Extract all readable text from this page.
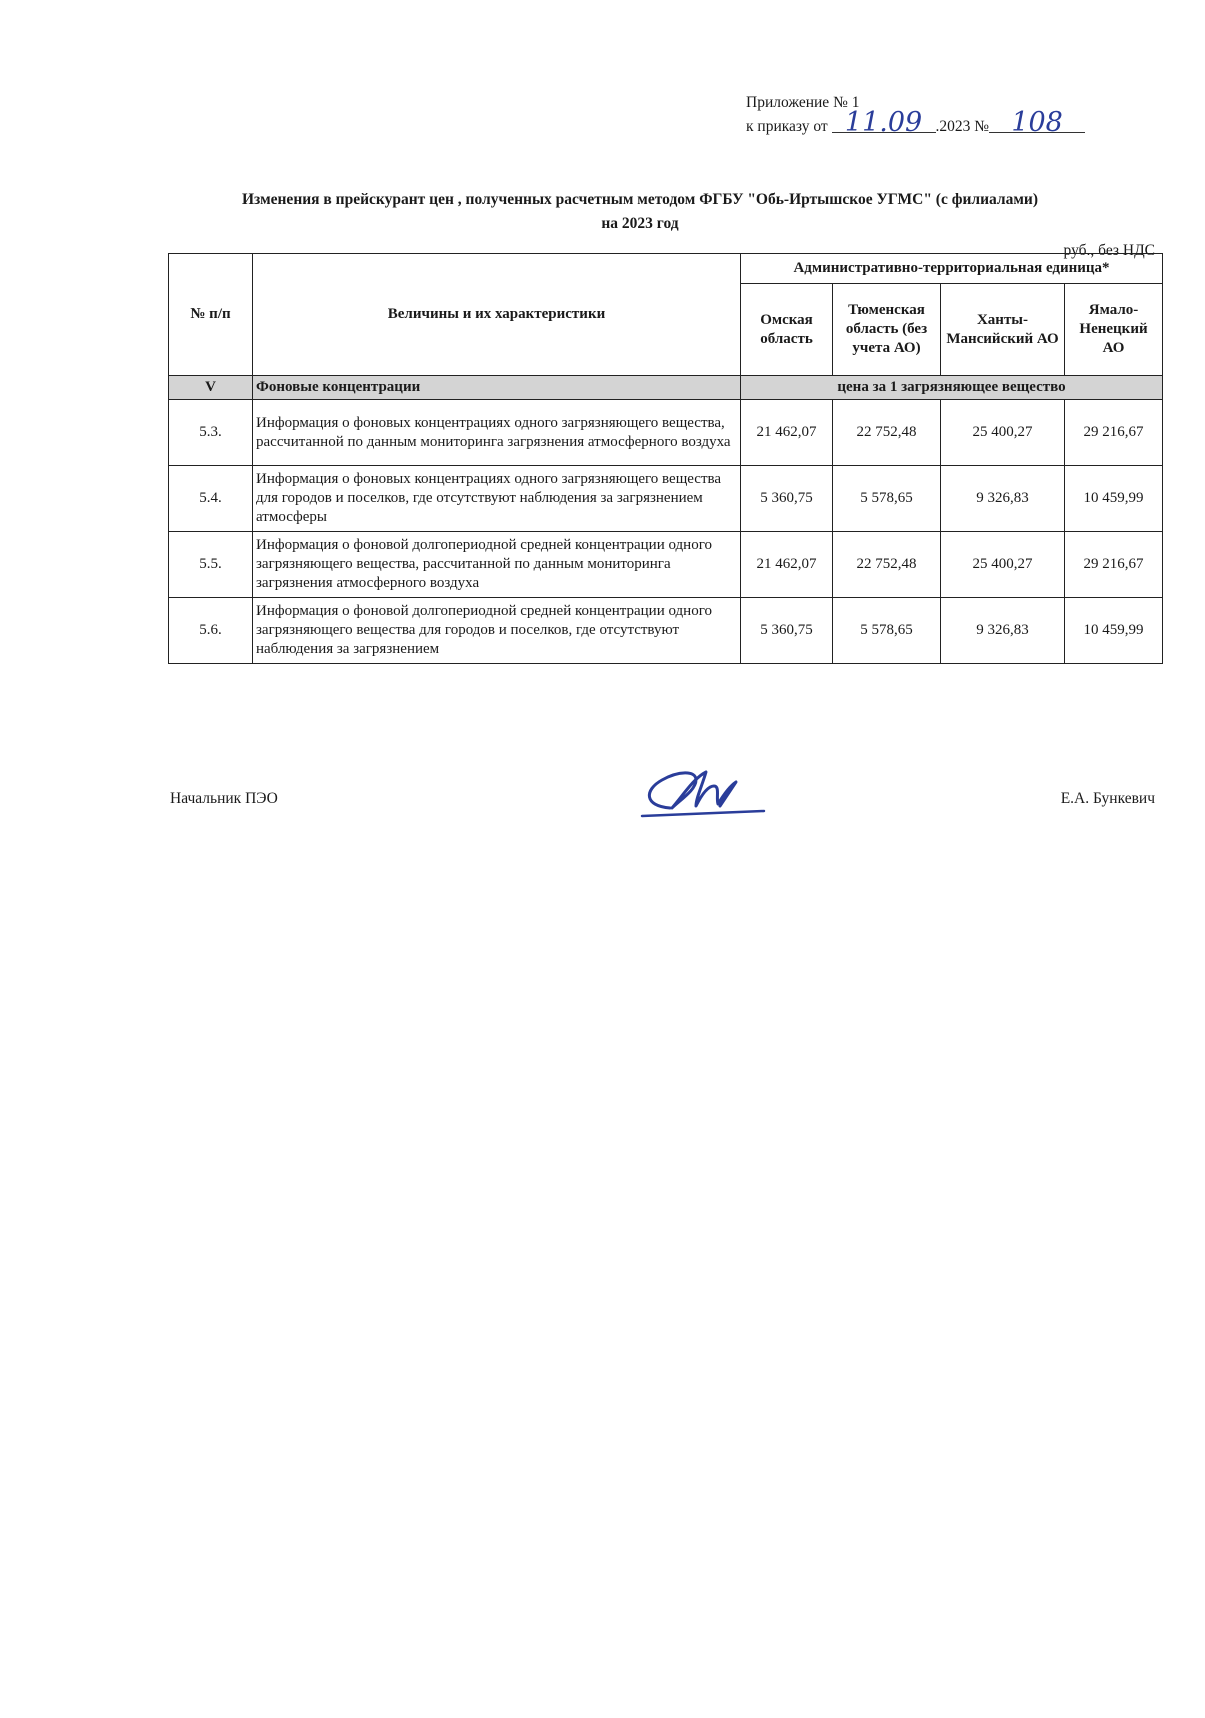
Приложение № 1
к приказу от 11.09 .2023 № 108
Изменения в прейскурант цен , полученных расчетным методом ФГБУ "Обь-Иртышское УГМС" (с филиалами)
на 2023 год
руб., без НДС
№ п/п	Величины и их характеристики	Административно-территориальная единица*			
		Омская область	Тюменская область (без учета АО)	Ханты-Мансийский АО	Ямало-Ненецкий АО
V	Фоновые концентрации	цена за 1 загрязняющее вещество			
5.3.	Информация о фоновых концентрациях одного загрязняющего вещества, рассчитанной по данным мониторинга загрязнения атмосферного воздуха	21 462,07	22 752,48	25 400,27	29 216,67
5.4.	Информация о фоновых концентрациях одного загрязняющего вещества для городов и поселков, где отсутствуют наблюдения за загрязнением атмосферы	5 360,75	5 578,65	9 326,83	10 459,99
5.5.	Информация о фоновой долгопериодной средней концентрации одного загрязняющего вещества, рассчитанной по данным мониторинга загрязнения атмосферного воздуха	21 462,07	22 752,48	25 400,27	29 216,67
5.6.	Информация о фоновой долгопериодной средней концентрации одного загрязняющего вещества для городов и поселков, где отсутствуют наблюдения за загрязнением	5 360,75	5 578,65	9 326,83	10 459,99
Начальник ПЭО	Е.А. Бункевич
